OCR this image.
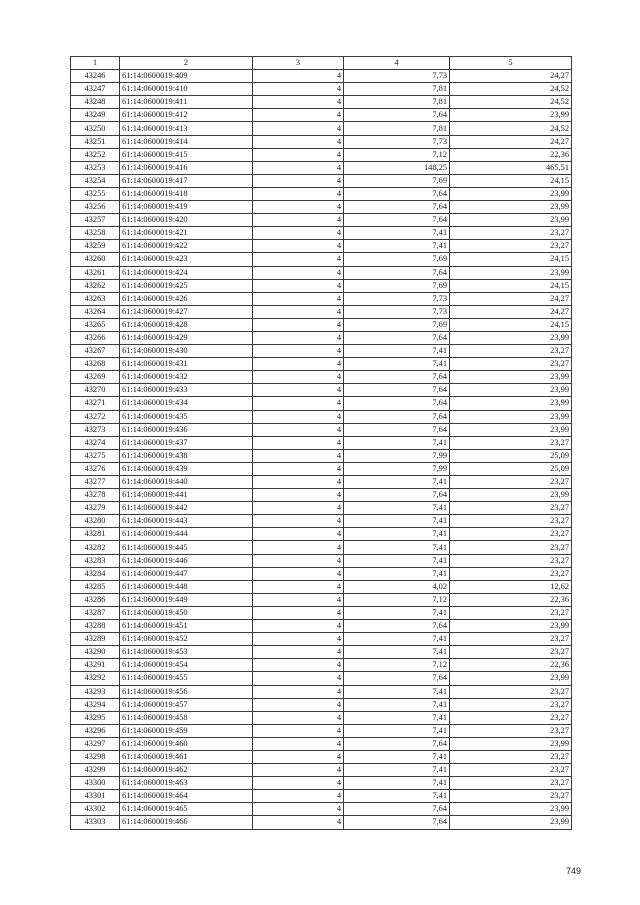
1	2	3	4	5
43246	61:14:0600019:409	4	7,73	24,27
43247	61:14:0600019:410	4	7,81	24,52
43248	61:14:0600019:411	4	7,81	24,52
43249	61:14:0600019:412	4	7,64	23,99
43250	61:14:0600019:413	4	7,81	24,52
43251	61:14:0600019:414	4	7,73	24,27
43252	61:14:0600019:415	4	7,12	22,36
43253	61:14:0600019:416	4	148,25	465,51
43254	61:14:0600019:417	4	7,69	24,15
43255	61:14:0600019:418	4	7,64	23,99
43256	61:14:0600019:419	4	7,64	23,99
43257	61:14:0600019:420	4	7,64	23,99
43258	61:14:0600019:421	4	7,41	23,27
43259	61:14:0600019:422	4	7,41	23,27
43260	61:14:0600019:423	4	7,69	24,15
43261	61:14:0600019:424	4	7,64	23,99
43262	61:14:0600019:425	4	7,69	24,15
43263	61:14:0600019:426	4	7,73	24,27
43264	61:14:0600019:427	4	7,73	24,27
43265	61:14:0600019:428	4	7,69	24,15
43266	61:14:0600019:429	4	7,64	23,99
43267	61:14:0600019:430	4	7,41	23,27
43268	61:14:0600019:431	4	7,41	23,27
43269	61:14:0600019:432	4	7,64	23,99
43270	61:14:0600019:433	4	7,64	23,99
43271	61:14:0600019:434	4	7,64	23,99
43272	61:14:0600019:435	4	7,64	23,99
43273	61:14:0600019:436	4	7,64	23,99
43274	61:14:0600019:437	4	7,41	23,27
43275	61:14:0600019:438	4	7,99	25,09
43276	61:14:0600019:439	4	7,99	25,09
43277	61:14:0600019:440	4	7,41	23,27
43278	61:14:0600019:441	4	7,64	23,99
43279	61:14:0600019:442	4	7,41	23,27
43280	61:14:0600019:443	4	7,41	23,27
43281	61:14:0600019:444	4	7,41	23,27
43282	61:14:0600019:445	4	7,41	23,27
43283	61:14:0600019:446	4	7,41	23,27
43284	61:14:0600019:447	4	7,41	23,27
43285	61:14:0600019:448	4	4,02	12,62
43286	61:14:0600019:449	4	7,12	22,36
43287	61:14:0600019:450	4	7,41	23,27
43288	61:14:0600019:451	4	7,64	23,99
43289	61:14:0600019:452	4	7,41	23,27
43290	61:14:0600019:453	4	7,41	23,27
43291	61:14:0600019:454	4	7,12	22,36
43292	61:14:0600019:455	4	7,64	23,99
43293	61:14:0600019:456	4	7,41	23,27
43294	61:14:0600019:457	4	7,41	23,27
43295	61:14:0600019:458	4	7,41	23,27
43296	61:14:0600019:459	4	7,41	23,27
43297	61:14:0600019:460	4	7,64	23,99
43298	61:14:0600019:461	4	7,41	23,27
43299	61:14:0600019:462	4	7,41	23,27
43300	61:14:0600019:463	4	7,41	23,27
43301	61:14:0600019:464	4	7,41	23,27
43302	61:14:0600019:465	4	7,64	23,99
43303	61:14:0600019:466	4	7,64	23,99
749
